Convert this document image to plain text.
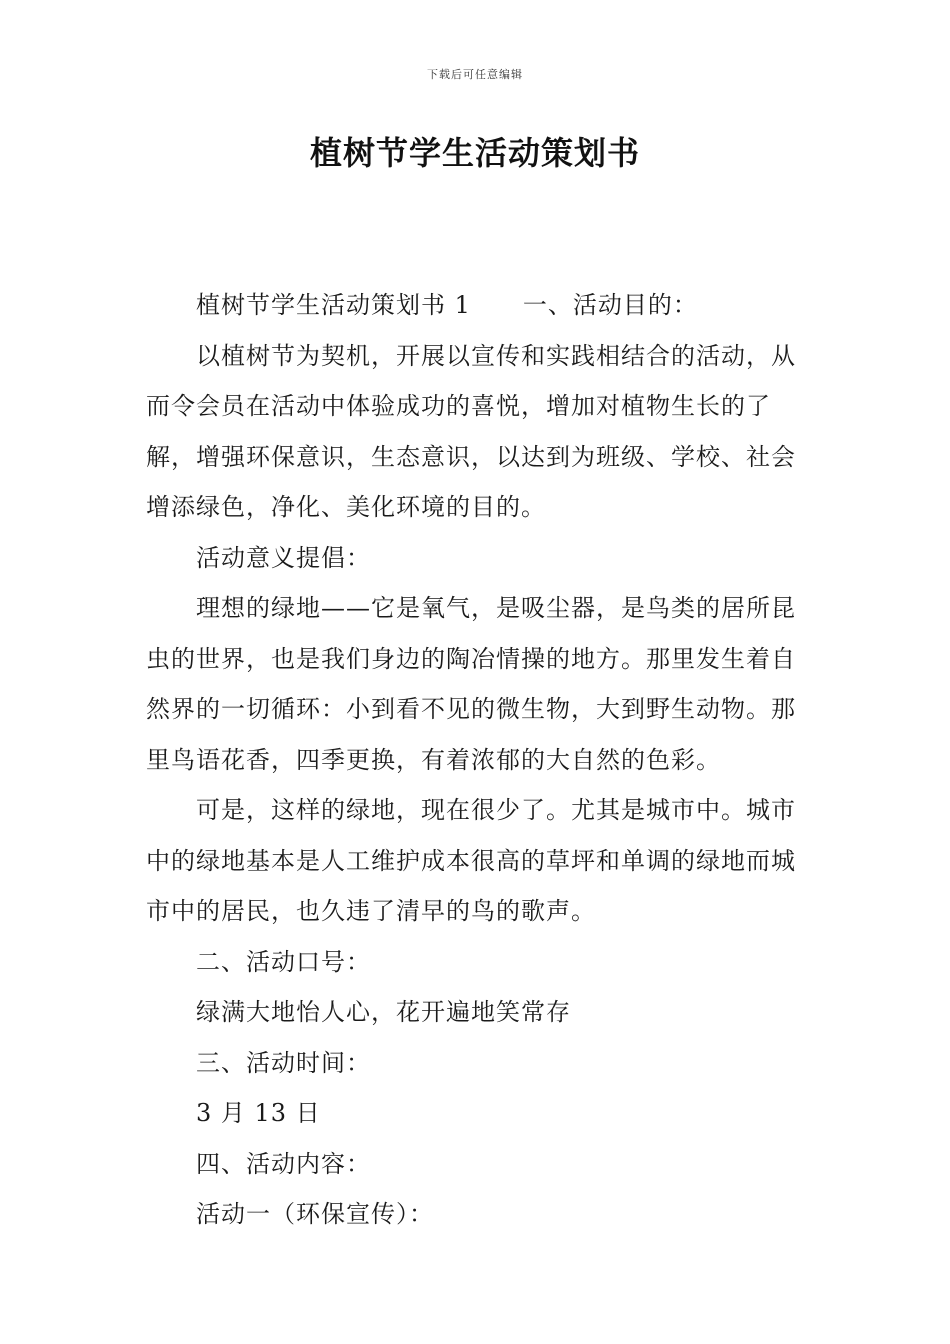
下载后可任意编辑
植树节学生活动策划书

植树节学生活动策划书 1 一、活动目的：

以植树节为契机，开展以宣传和实践相结合的活动，从而令会员在活动中体验成功的喜悦，增加对植物生长的了解，增强环保意识，生态意识，以达到为班级、学校、社会增添绿色，净化、美化环境的目的。

活动意义提倡：

理想的绿地——它是氧气，是吸尘器，是鸟类的居所昆虫的世界，也是我们身边的陶冶情操的地方。那里发生着自然界的一切循环：小到看不见的微生物，大到野生动物。那里鸟语花香，四季更换，有着浓郁的大自然的色彩。

可是，这样的绿地，现在很少了。尤其是城市中。城市中的绿地基本是人工维护成本很高的草坪和单调的绿地而城市中的居民，也久违了清早的鸟的歌声。

二、活动口号：

绿满大地怡人心，花开遍地笑常存

三、活动时间：

3 月 13 日

四、活动内容：

活动一（环保宣传）：
